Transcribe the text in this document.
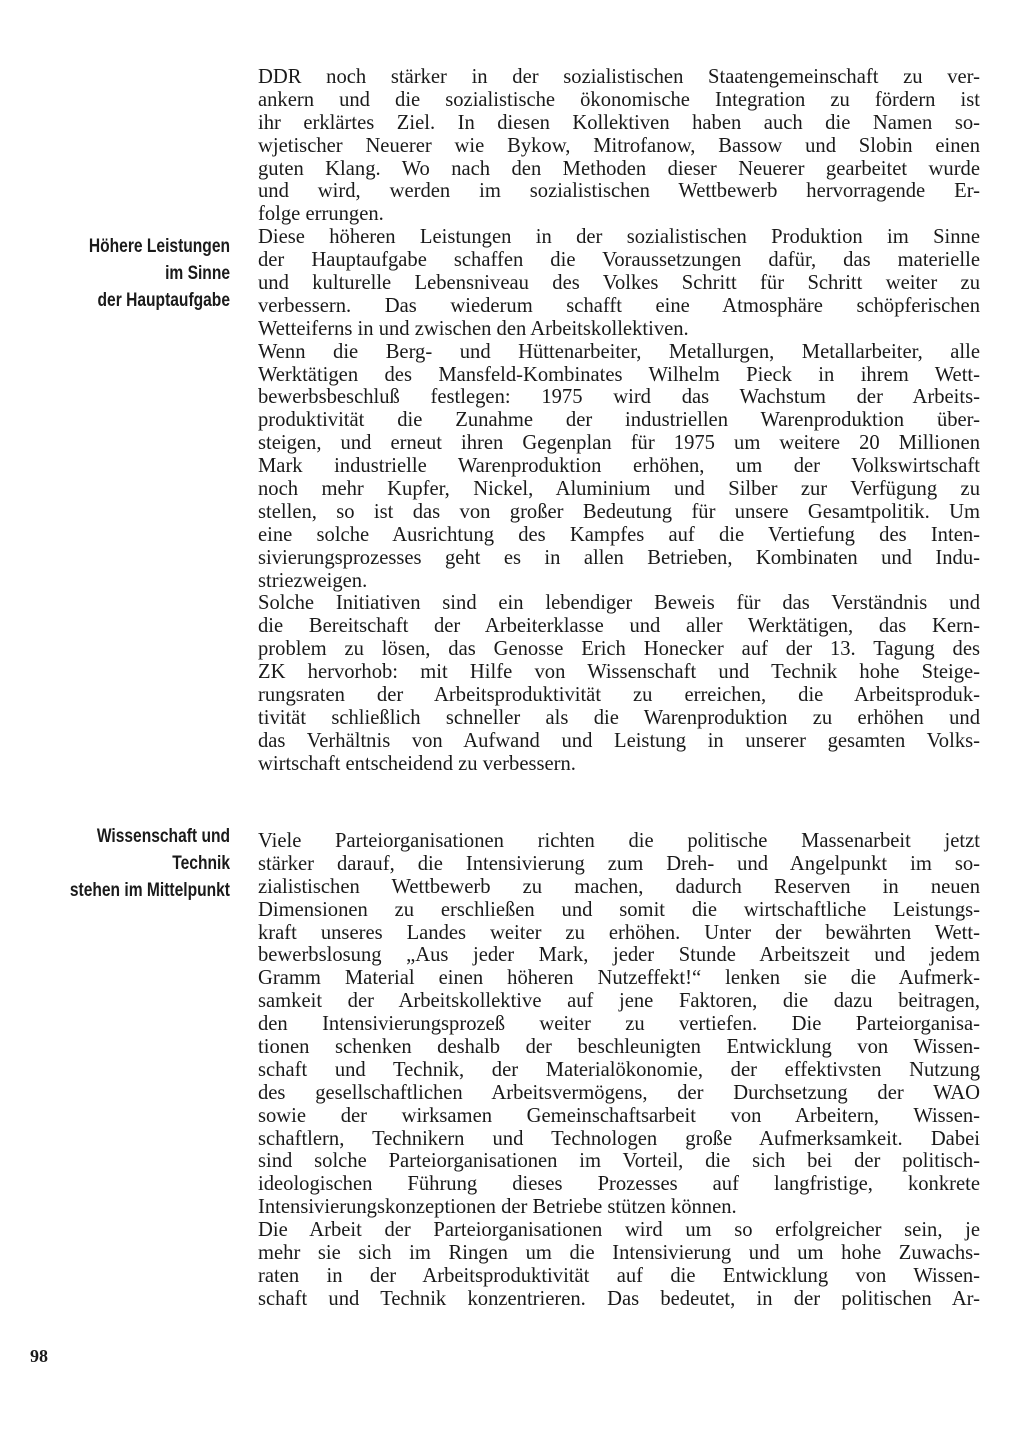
Höhere Leistungen
im Sinne
der Hauptaufgabe
Wissenschaft und
Technik
stehen im Mittelpunkt
DDR noch stärker in der sozialistischen Staatengemeinschaft zu ver-
ankern und die sozialistische ökonomische Integration zu fördern ist
ihr erklärtes Ziel. In diesen Kollektiven haben auch die Namen so-
wjetischer Neuerer wie Bykow, Mitrofanow, Bassow und Slobin einen
guten Klang. Wo nach den Methoden dieser Neuerer gearbeitet wurde
und wird, werden im sozialistischen Wettbewerb hervorragende Er-
folge errungen.
Diese höheren Leistungen in der sozialistischen Produktion im Sinne
der Hauptaufgabe schaffen die Voraussetzungen dafür, das materielle
und kulturelle Lebensniveau des Volkes Schritt für Schritt weiter zu
verbessern. Das wiederum schafft eine Atmosphäre schöpferischen
Wetteiferns in und zwischen den Arbeitskollektiven.
Wenn die Berg- und Hüttenarbeiter, Metallurgen, Metallarbeiter, alle
Werktätigen des Mansfeld-Kombinates Wilhelm Pieck in ihrem Wett-
bewerbsbeschluß festlegen: 1975 wird das Wachstum der Arbeits-
produktivität die Zunahme der industriellen Warenproduktion über-
steigen, und erneut ihren Gegenplan für 1975 um weitere 20 Millionen
Mark industrielle Warenproduktion erhöhen, um der Volkswirtschaft
noch mehr Kupfer, Nickel, Aluminium und Silber zur Verfügung zu
stellen, so ist das von großer Bedeutung für unsere Gesamtpolitik. Um
eine solche Ausrichtung des Kampfes auf die Vertiefung des Inten-
sivierungsprozesses geht es in allen Betrieben, Kombinaten und Indu-
striezweigen.
Solche Initiativen sind ein lebendiger Beweis für das Verständnis und
die Bereitschaft der Arbeiterklasse und aller Werktätigen, das Kern-
problem zu lösen, das Genosse Erich Honecker auf der 13. Tagung des
ZK hervorhob: mit Hilfe von Wissenschaft und Technik hohe Steige-
rungsraten der Arbeitsproduktivität zu erreichen, die Arbeitsproduk-
tivität schließlich schneller als die Warenproduktion zu erhöhen und
das Verhältnis von Aufwand und Leistung in unserer gesamten Volks-
wirtschaft entscheidend zu verbessern.
Viele Parteiorganisationen richten die politische Massenarbeit jetzt
stärker darauf, die Intensivierung zum Dreh- und Angelpunkt im so-
zialistischen Wettbewerb zu machen, dadurch Reserven in neuen
Dimensionen zu erschließen und somit die wirtschaftliche Leistungs-
kraft unseres Landes weiter zu erhöhen. Unter der bewährten Wett-
bewerbslosung „Aus jeder Mark, jeder Stunde Arbeitszeit und jedem
Gramm Material einen höheren Nutzeffekt!“ lenken sie die Aufmerk-
samkeit der Arbeitskollektive auf jene Faktoren, die dazu beitragen,
den Intensivierungsprozeß weiter zu vertiefen. Die Parteiorganisa-
tionen schenken deshalb der beschleunigten Entwicklung von Wissen-
schaft und Technik, der Materialökonomie, der effektivsten Nutzung
des gesellschaftlichen Arbeitsvermögens, der Durchsetzung der WAO
sowie der wirksamen Gemeinschaftsarbeit von Arbeitern, Wissen-
schaftlern, Technikern und Technologen große Aufmerksamkeit. Dabei
sind solche Parteiorganisationen im Vorteil, die sich bei der politisch-
ideologischen Führung dieses Prozesses auf langfristige, konkrete
Intensivierungskonzeptionen der Betriebe stützen können.
Die Arbeit der Parteiorganisationen wird um so erfolgreicher sein, je
mehr sie sich im Ringen um die Intensivierung und um hohe Zuwachs-
raten in der Arbeitsproduktivität auf die Entwicklung von Wissen-
schaft und Technik konzentrieren. Das bedeutet, in der politischen Ar-
98
